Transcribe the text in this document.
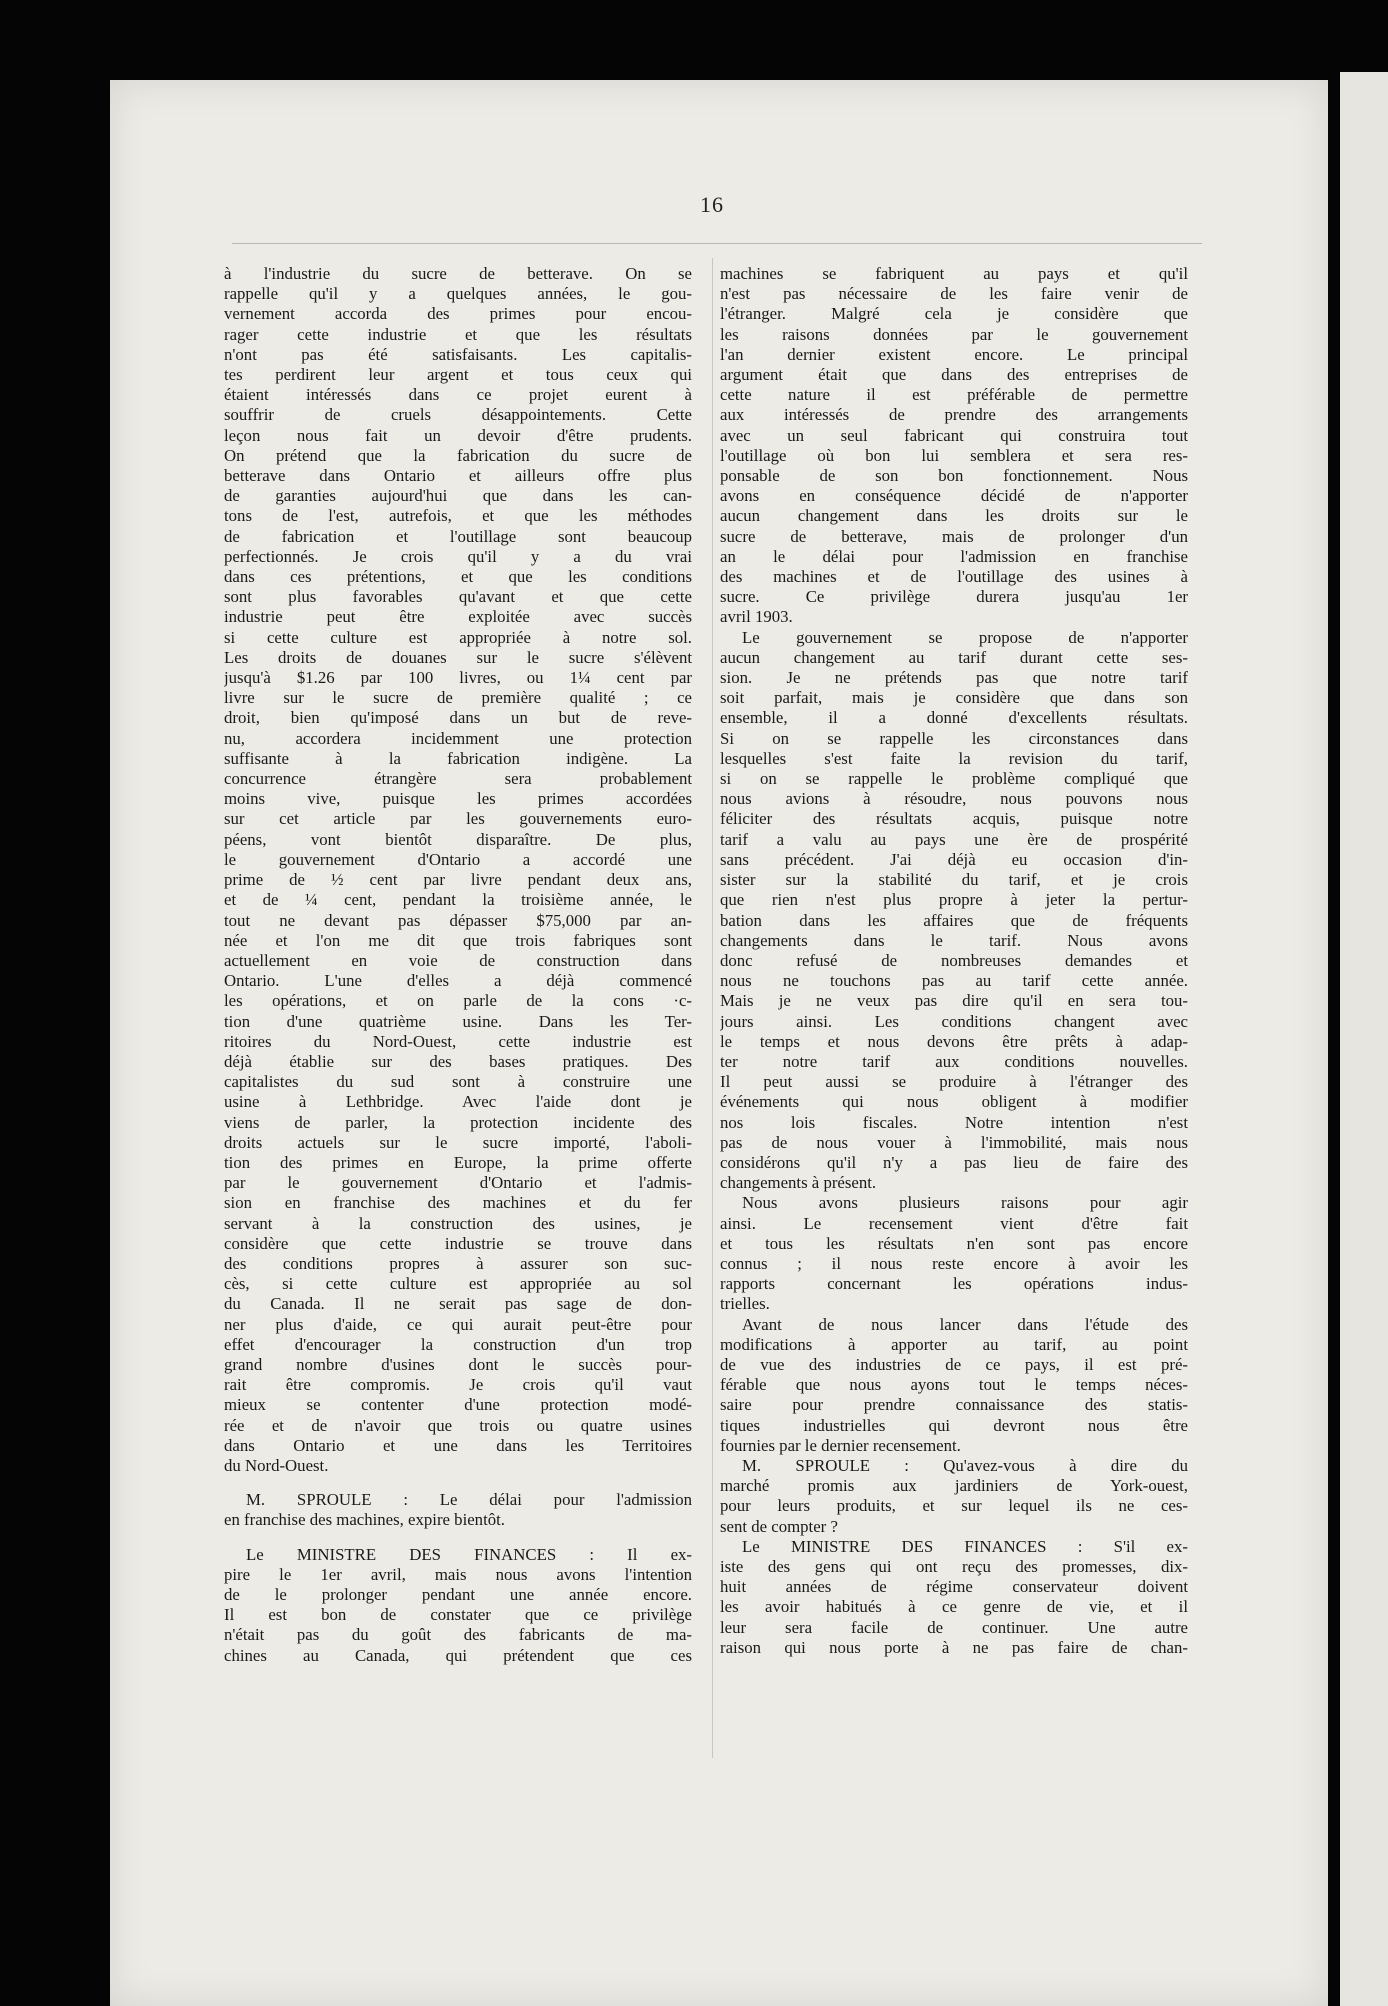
16
à l'industrie du sucre de betterave. On se
rappelle qu'il y a quelques années, le gou-
vernement accorda des primes pour encou-
rager cette industrie et que les résultats
n'ont pas été satisfaisants. Les capitalis-
tes perdirent leur argent et tous ceux qui
étaient intéressés dans ce projet eurent à
souffrir de cruels désappointements. Cette
leçon nous fait un devoir d'être prudents.
On prétend que la fabrication du sucre de
betterave dans Ontario et ailleurs offre plus
de garanties aujourd'hui que dans les can-
tons de l'est, autrefois, et que les méthodes
de fabrication et l'outillage sont beaucoup
perfectionnés. Je crois qu'il y a du vrai
dans ces prétentions, et que les conditions
sont plus favorables qu'avant et que cette
industrie peut être exploitée avec succès
si cette culture est appropriée à notre sol.
Les droits de douanes sur le sucre s'élèvent
jusqu'à $1.26 par 100 livres, ou 1¼ cent par
livre sur le sucre de première qualité ; ce
droit, bien qu'imposé dans un but de reve-
nu, accordera incidemment une protection
suffisante à la fabrication indigène. La
concurrence étrangère sera probablement
moins vive, puisque les primes accordées
sur cet article par les gouvernements euro-
péens, vont bientôt disparaître. De plus,
le gouvernement d'Ontario a accordé une
prime de ½ cent par livre pendant deux ans,
et de ¼ cent, pendant la troisième année, le
tout ne devant pas dépasser $75,000 par an-
née et l'on me dit que trois fabriques sont
actuellement en voie de construction dans
Ontario. L'une d'elles a déjà commencé
les opérations, et on parle de la cons ·c-
tion d'une quatrième usine. Dans les Ter-
ritoires du Nord-Ouest, cette industrie est
déjà établie sur des bases pratiques. Des
capitalistes du sud sont à construire une
usine à Lethbridge. Avec l'aide dont je
viens de parler, la protection incidente des
droits actuels sur le sucre importé, l'aboli-
tion des primes en Europe, la prime offerte
par le gouvernement d'Ontario et l'admis-
sion en franchise des machines et du fer
servant à la construction des usines, je
considère que cette industrie se trouve dans
des conditions propres à assurer son suc-
cès, si cette culture est appropriée au sol
du Canada. Il ne serait pas sage de don-
ner plus d'aide, ce qui aurait peut-être pour
effet d'encourager la construction d'un trop
grand nombre d'usines dont le succès pour-
rait être compromis. Je crois qu'il vaut
mieux se contenter d'une protection modé-
rée et de n'avoir que trois ou quatre usines
dans Ontario et une dans les Territoires
du Nord-Ouest.
M. SPROULE : Le délai pour l'admission
en franchise des machines, expire bientôt.
Le MINISTRE DES FINANCES : Il ex-
pire le 1er avril, mais nous avons l'intention
de le prolonger pendant une année encore.
Il est bon de constater que ce privilège
n'était pas du goût des fabricants de ma-
chines au Canada, qui prétendent que ces
machines se fabriquent au pays et qu'il
n'est pas nécessaire de les faire venir de
l'étranger. Malgré cela je considère que
les raisons données par le gouvernement
l'an dernier existent encore. Le principal
argument était que dans des entreprises de
cette nature il est préférable de permettre
aux intéressés de prendre des arrangements
avec un seul fabricant qui construira tout
l'outillage où bon lui semblera et sera res-
ponsable de son bon fonctionnement. Nous
avons en conséquence décidé de n'apporter
aucun changement dans les droits sur le
sucre de betterave, mais de prolonger d'un
an le délai pour l'admission en franchise
des machines et de l'outillage des usines à
sucre. Ce privilège durera jusqu'au 1er
avril 1903.
Le gouvernement se propose de n'apporter
aucun changement au tarif durant cette ses-
sion. Je ne prétends pas que notre tarif
soit parfait, mais je considère que dans son
ensemble, il a donné d'excellents résultats.
Si on se rappelle les circonstances dans
lesquelles s'est faite la revision du tarif,
si on se rappelle le problème compliqué que
nous avions à résoudre, nous pouvons nous
féliciter des résultats acquis, puisque notre
tarif a valu au pays une ère de prospérité
sans précédent. J'ai déjà eu occasion d'in-
sister sur la stabilité du tarif, et je crois
que rien n'est plus propre à jeter la pertur-
bation dans les affaires que de fréquents
changements dans le tarif. Nous avons
donc refusé de nombreuses demandes et
nous ne touchons pas au tarif cette année.
Mais je ne veux pas dire qu'il en sera tou-
jours ainsi. Les conditions changent avec
le temps et nous devons être prêts à adap-
ter notre tarif aux conditions nouvelles.
Il peut aussi se produire à l'étranger des
événements qui nous obligent à modifier
nos lois fiscales. Notre intention n'est
pas de nous vouer à l'immobilité, mais nous
considérons qu'il n'y a pas lieu de faire des
changements à présent.
Nous avons plusieurs raisons pour agir
ainsi. Le recensement vient d'être fait
et tous les résultats n'en sont pas encore
connus ; il nous reste encore à avoir les
rapports concernant les opérations indus-
trielles.
Avant de nous lancer dans l'étude des
modifications à apporter au tarif, au point
de vue des industries de ce pays, il est pré-
férable que nous ayons tout le temps néces-
saire pour prendre connaissance des statis-
tiques industrielles qui devront nous être
fournies par le dernier recensement.
M. SPROULE : Qu'avez-vous à dire du
marché promis aux jardiniers de York-ouest,
pour leurs produits, et sur lequel ils ne ces-
sent de compter ?
Le MINISTRE DES FINANCES : S'il ex-
iste des gens qui ont reçu des promesses, dix-
huit années de régime conservateur doivent
les avoir habitués à ce genre de vie, et il
leur sera facile de continuer. Une autre
raison qui nous porte à ne pas faire de chan-
